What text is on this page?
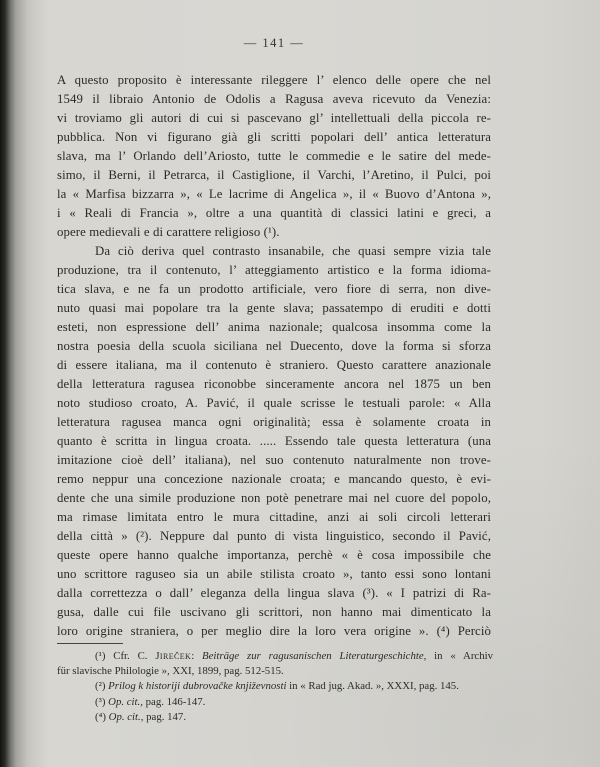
— 141 —
A questo proposito è interessante rileggere l’ elenco delle opere che nel
1549 il libraio Antonio de Odolis a Ragusa aveva ricevuto da Venezia:
vi troviamo gli autori di cui si pascevano gl’ intellettuali della piccola re-
pubblica. Non vi figurano già gli scritti popolari dell’ antica letteratura
slava, ma l’ Orlando dell’Ariosto, tutte le commedie e le satire del mede-
simo, il Berni, il Petrarca, il Castiglione, il Varchi, l’Aretino, il Pulci, poi
la « Marfisa bizzarra », « Le lacrime di Angelica », il « Buovo d’Antona »,
i « Reali di Francia », oltre a una quantità di classici latini e greci, a
opere medievali e di carattere religioso (¹).
Da ciò deriva quel contrasto insanabile, che quasi sempre vizia tale
produzione, tra il contenuto, l’ atteggiamento artistico e la forma idioma-
tica slava, e ne fa un prodotto artificiale, vero fiore di serra, non dive-
nuto quasi mai popolare tra la gente slava; passatempo di eruditi e dotti
esteti, non espressione dell’ anima nazionale; qualcosa insomma come la
nostra poesia della scuola siciliana nel Duecento, dove la forma si sforza
di essere italiana, ma il contenuto è straniero. Questo carattere anazionale
della letteratura ragusea riconobbe sinceramente ancora nel 1875 un ben
noto studioso croato, A. Pavić, il quale scrisse le testuali parole: « Alla
letteratura ragusea manca ogni originalità; essa è solamente croata in
quanto è scritta in lingua croata. ..... Essendo tale questa letteratura (una
imitazione cioè dell’ italiana), nel suo contenuto naturalmente non trove-
remo neppur una concezione nazionale croata; e mancando questo, è evi-
dente che una simile produzione non potè penetrare mai nel cuore del popolo,
ma rimase limitata entro le mura cittadine, anzi ai soli circoli letterari
della città » (²). Neppure dal punto di vista linguistico, secondo il Pavić,
queste opere hanno qualche importanza, perchè « è cosa impossibile che
uno scrittore raguseo sia un abile stilista croato », tanto essi sono lontani
dalla correttezza o dall’ eleganza della lingua slava (³). « I patrizi di Ra-
gusa, dalle cui file uscivano gli scrittori, non hanno mai dimenticato la
loro origine straniera, o per meglio dire la loro vera origine ». (⁴) Perciò
(¹) Cfr. C. Jireček: Beiträge zur ragusanischen Literaturgeschichte, in « Archiv
für slavische Philologie », XXI, 1899, pag. 512-515.
(²) Prilog k historiji dubrovačke književnosti in « Rad jug. Akad. », XXXI, pag. 145.
(³) Op. cit., pag. 146-147.
(⁴) Op. cit., pag. 147.
